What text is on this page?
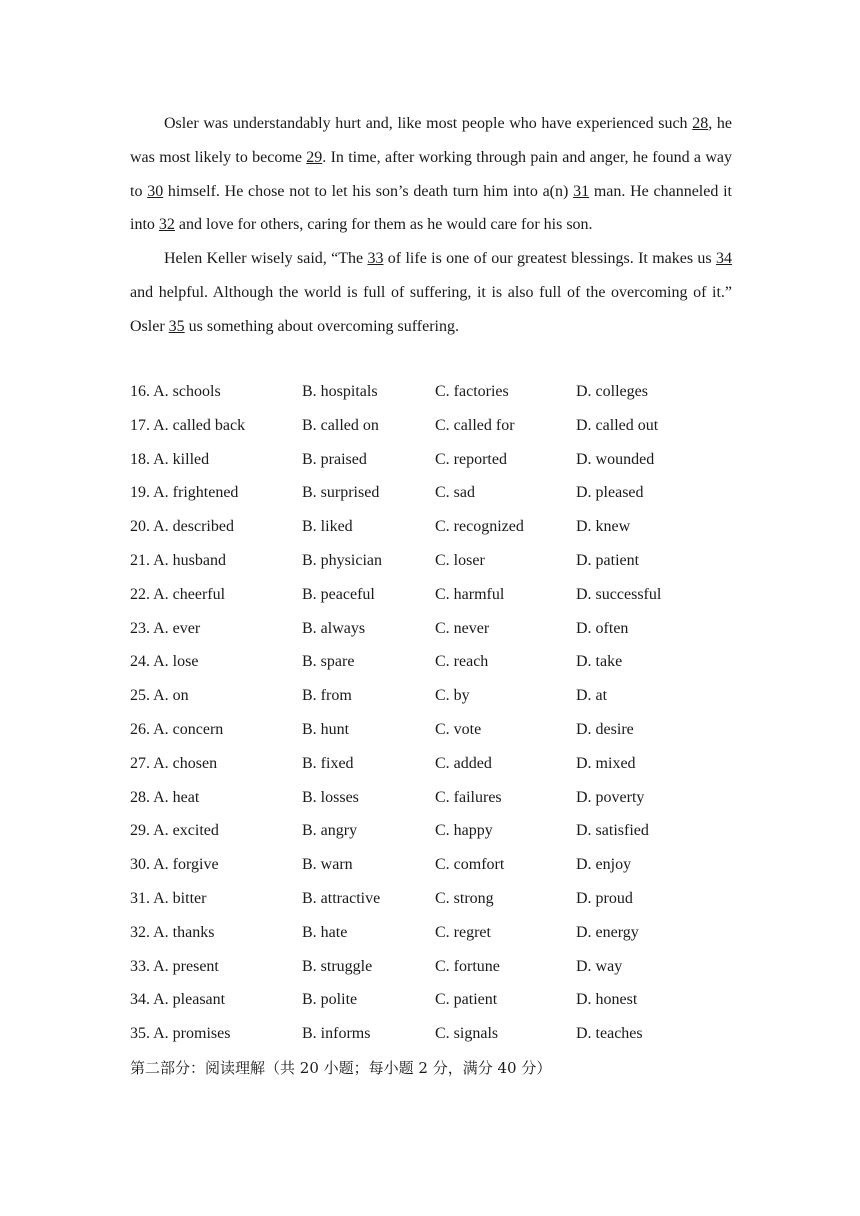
Osler was understandably hurt and, like most people who have experienced such 28, he was most likely to become 29. In time, after working through pain and anger, he found a way to 30 himself. He chose not to let his son’s death turn him into a(n) 31 man. He channeled it into 32 and love for others, caring for them as he would care for his son.

Helen Keller wisely said, “The 33 of life is one of our greatest blessings. It makes us 34 and helpful. Although the world is full of suffering, it is also full of the overcoming of it.” Osler 35 us something about overcoming suffering.

16. A. schools	B. hospitals	C. factories	D. colleges
17. A. called back	B. called on	C. called for	D. called out
18. A. killed	B. praised	C. reported	D. wounded
19. A. frightened	B. surprised	C. sad	D. pleased
20. A. described	B. liked	C. recognized	D. knew
21. A. husband	B. physician	C. loser	D. patient
22. A. cheerful	B. peaceful	C. harmful	D. successful
23. A. ever	B. always	C. never	D. often
24. A. lose	B. spare	C. reach	D. take
25. A. on	B. from	C. by	D. at
26. A. concern	B. hunt	C. vote	D. desire
27. A. chosen	B. fixed	C. added	D. mixed
28. A. heat	B. losses	C. failures	D. poverty
29. A. excited	B. angry	C. happy	D. satisfied
30. A. forgive	B. warn	C. comfort	D. enjoy
31. A. bitter	B. attractive	C. strong	D. proud
32. A. thanks	B. hate	C. regret	D. energy
33. A. present	B. struggle	C. fortune	D. way
34. A. pleasant	B. polite	C. patient	D. honest
35. A. promises	B. informs	C. signals	D. teaches
第二部分：阅读理解（共 20 小题；每小题 2 分，满分 40 分）
